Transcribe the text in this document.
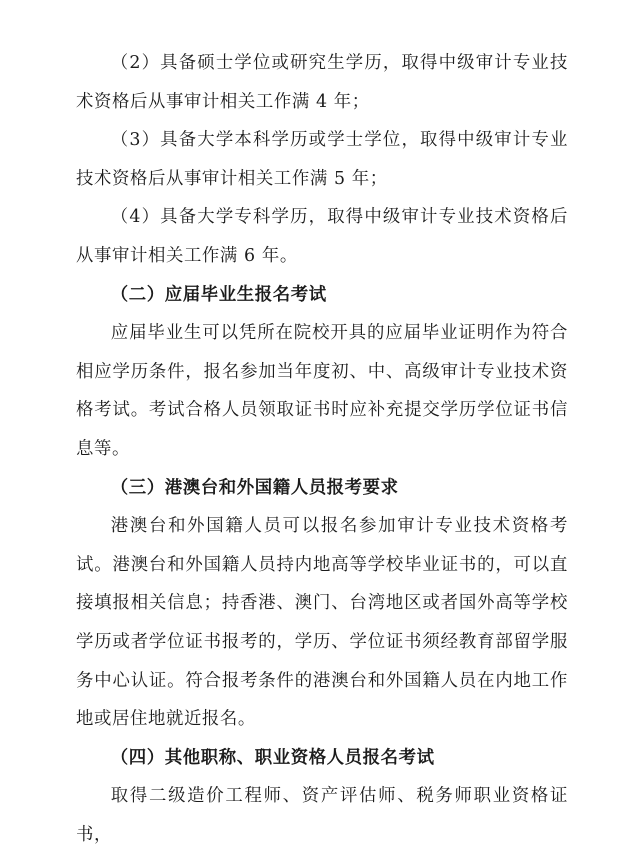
（2）具备硕士学位或研究生学历，取得中级审计专业技术资格后从事审计相关工作满 4 年；

（3）具备大学本科学历或学士学位，取得中级审计专业技术资格后从事审计相关工作满 5 年；

（4）具备大学专科学历，取得中级审计专业技术资格后从事审计相关工作满 6 年。

（二）应届毕业生报名考试

应届毕业生可以凭所在院校开具的应届毕业证明作为符合相应学历条件，报名参加当年度初、中、高级审计专业技术资格考试。考试合格人员领取证书时应补充提交学历学位证书信息等。

（三）港澳台和外国籍人员报考要求

港澳台和外国籍人员可以报名参加审计专业技术资格考试。港澳台和外国籍人员持内地高等学校毕业证书的，可以直接填报相关信息；持香港、澳门、台湾地区或者国外高等学校学历或者学位证书报考的，学历、学位证书须经教育部留学服务中心认证。符合报考条件的港澳台和外国籍人员在内地工作地或居住地就近报名。

（四）其他职称、职业资格人员报名考试

取得二级造价工程师、资产评估师、税务师职业资格证书，
